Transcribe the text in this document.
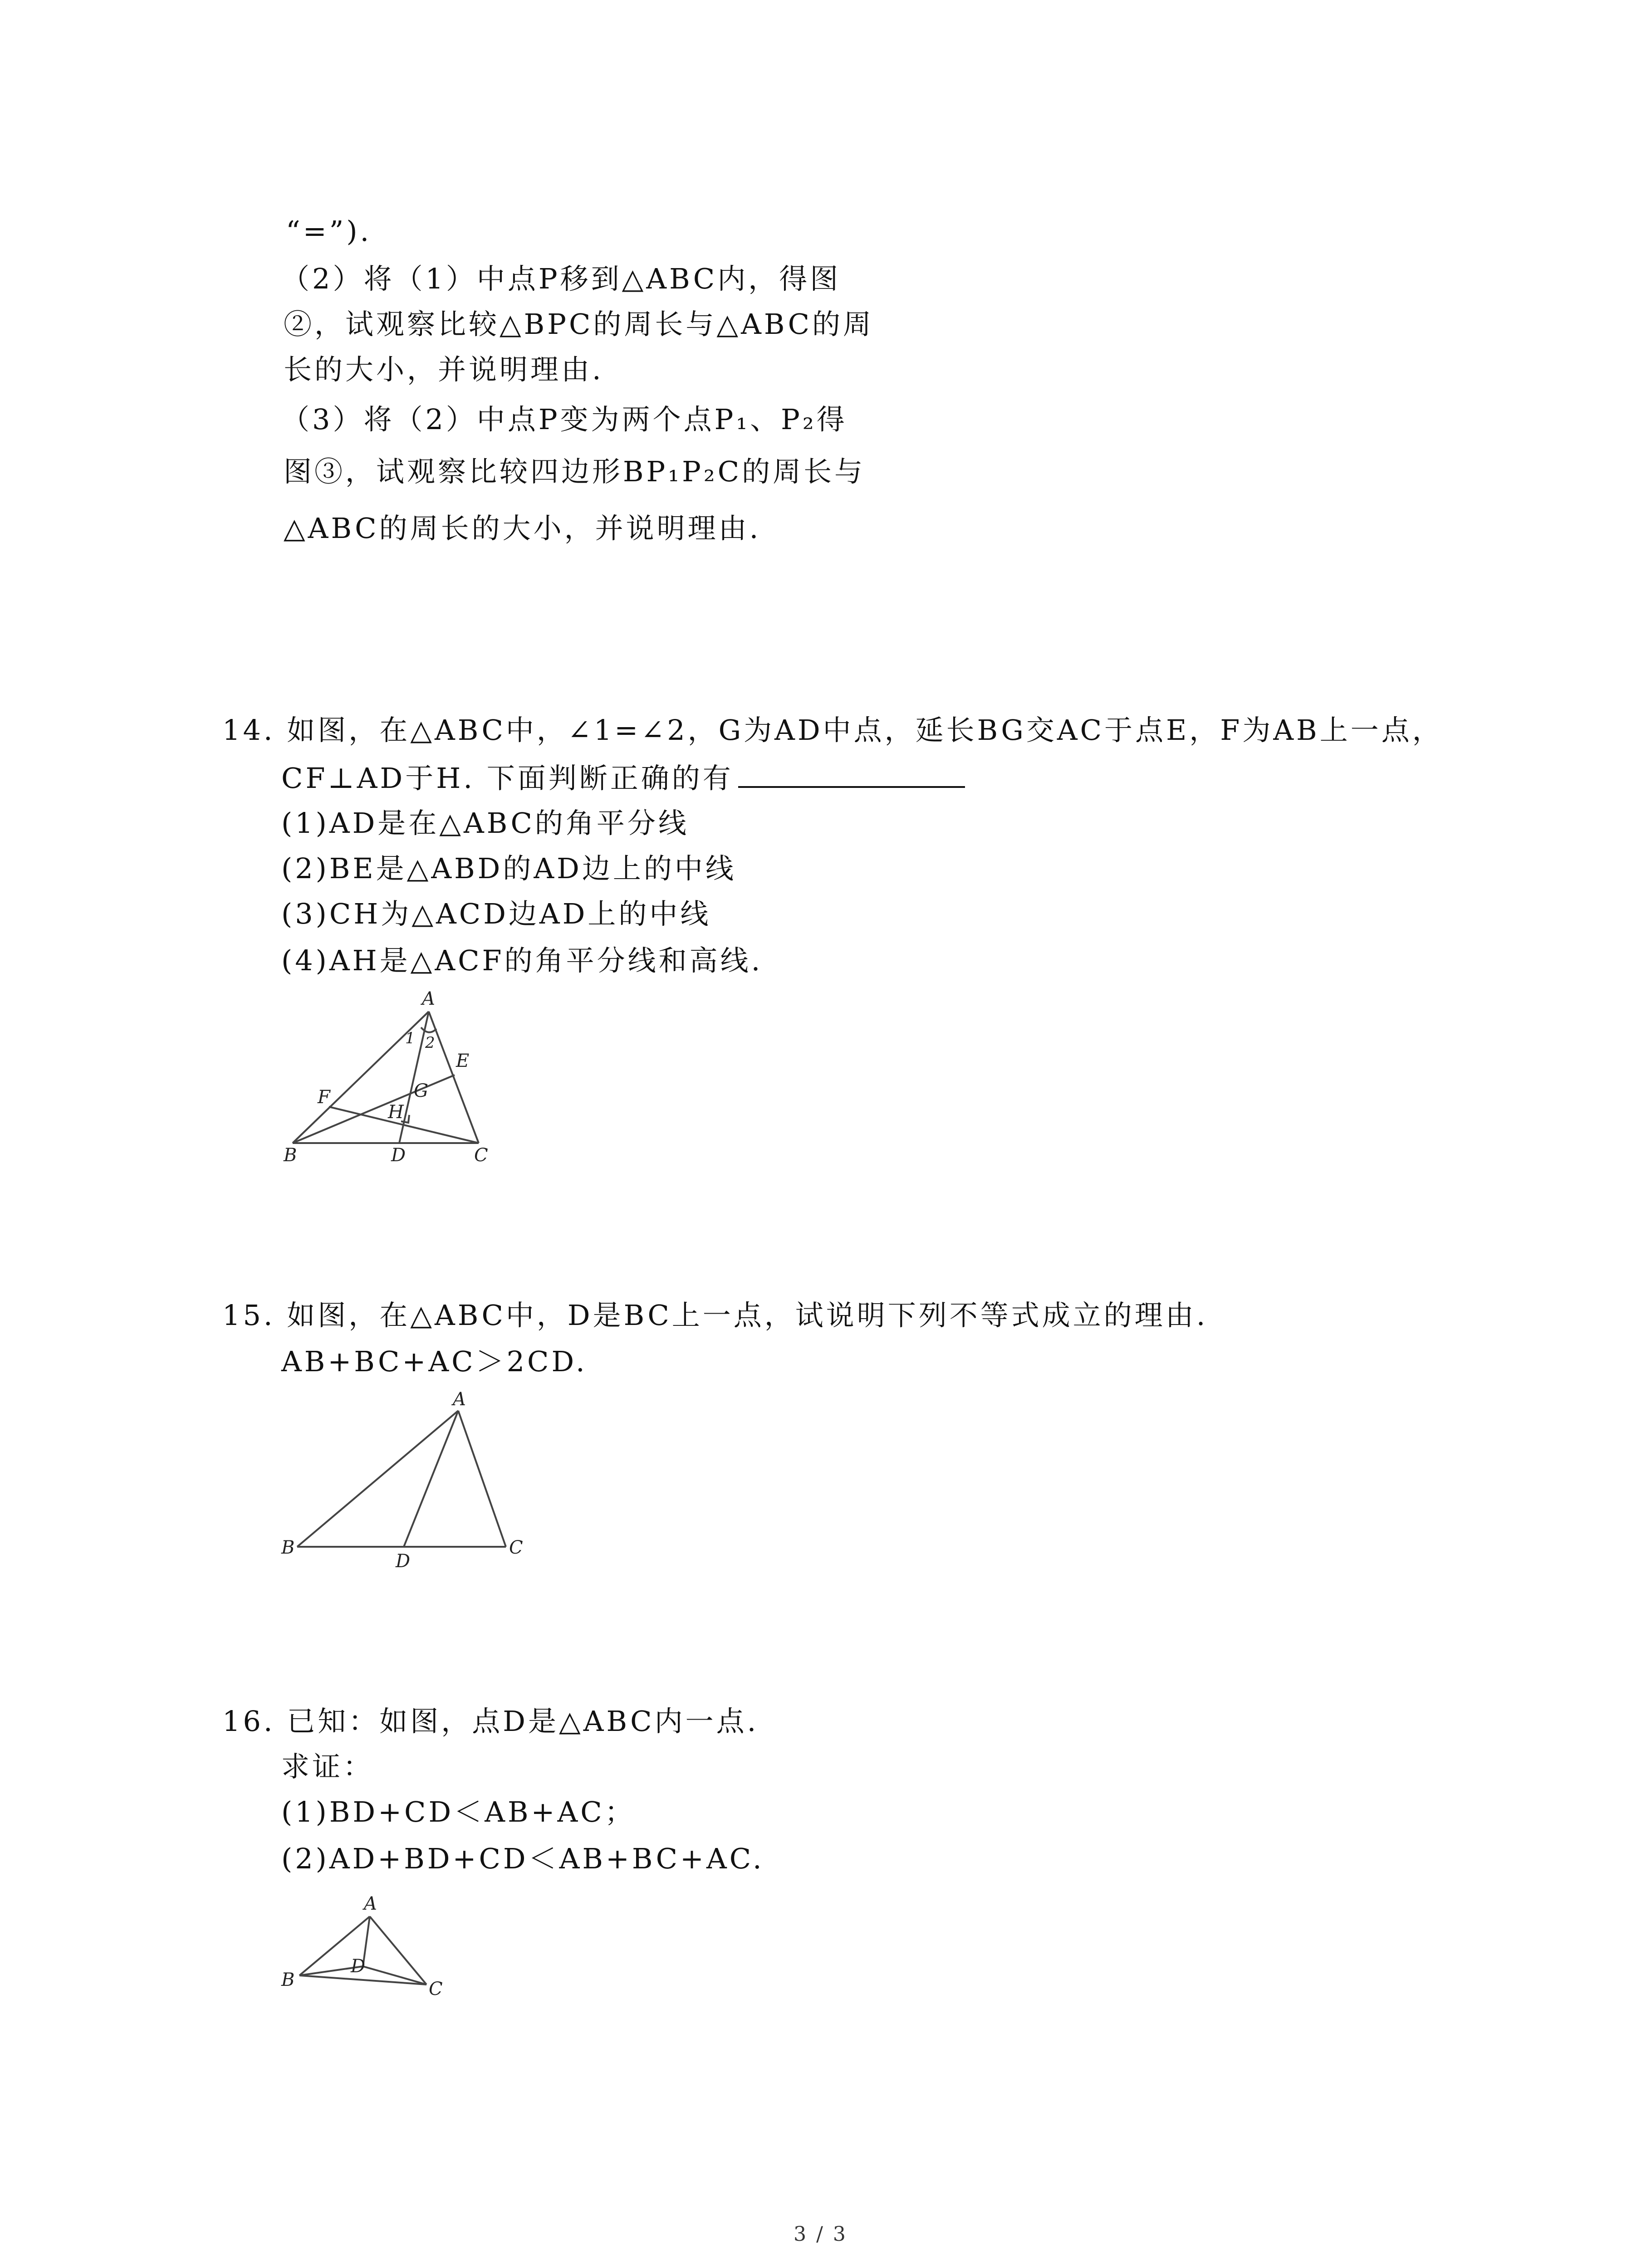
“=”).
（2）将（1）中点P移到△ABC内，得图
②，试观察比较△BPC的周长与△ABC的周
长的大小，并说明理由.
（3）将（2）中点P变为两个点P₁、P₂得
图③，试观察比较四边形BP₁P₂C的周长与
△ABC的周长的大小，并说明理由.
14. 如图，在△ABC中，∠1=∠2，G为AD中点，延长BG交AC于点E，F为AB上一点，
CF⊥AD于H. 下面判断正确的有
(1)AD是在△ABC的角平分线
(2)BE是△ABD的AD边上的中线
(3)CH为△ACD边AD上的中线
(4)AH是△ACF的角平分线和高线.
A
B	C
D
E
F	G
H
1 2
15. 如图，在△ABC中，D是BC上一点，试说明下列不等式成立的理由.
AB+BC+AC＞2CD.
A
B	C
D
16. 已知：如图，点D是△ABC内一点.
求证：
(1)BD+CD＜AB+AC；
(2)AD+BD+CD＜AB+BC+AC.
A
B	C
D
3 / 3
